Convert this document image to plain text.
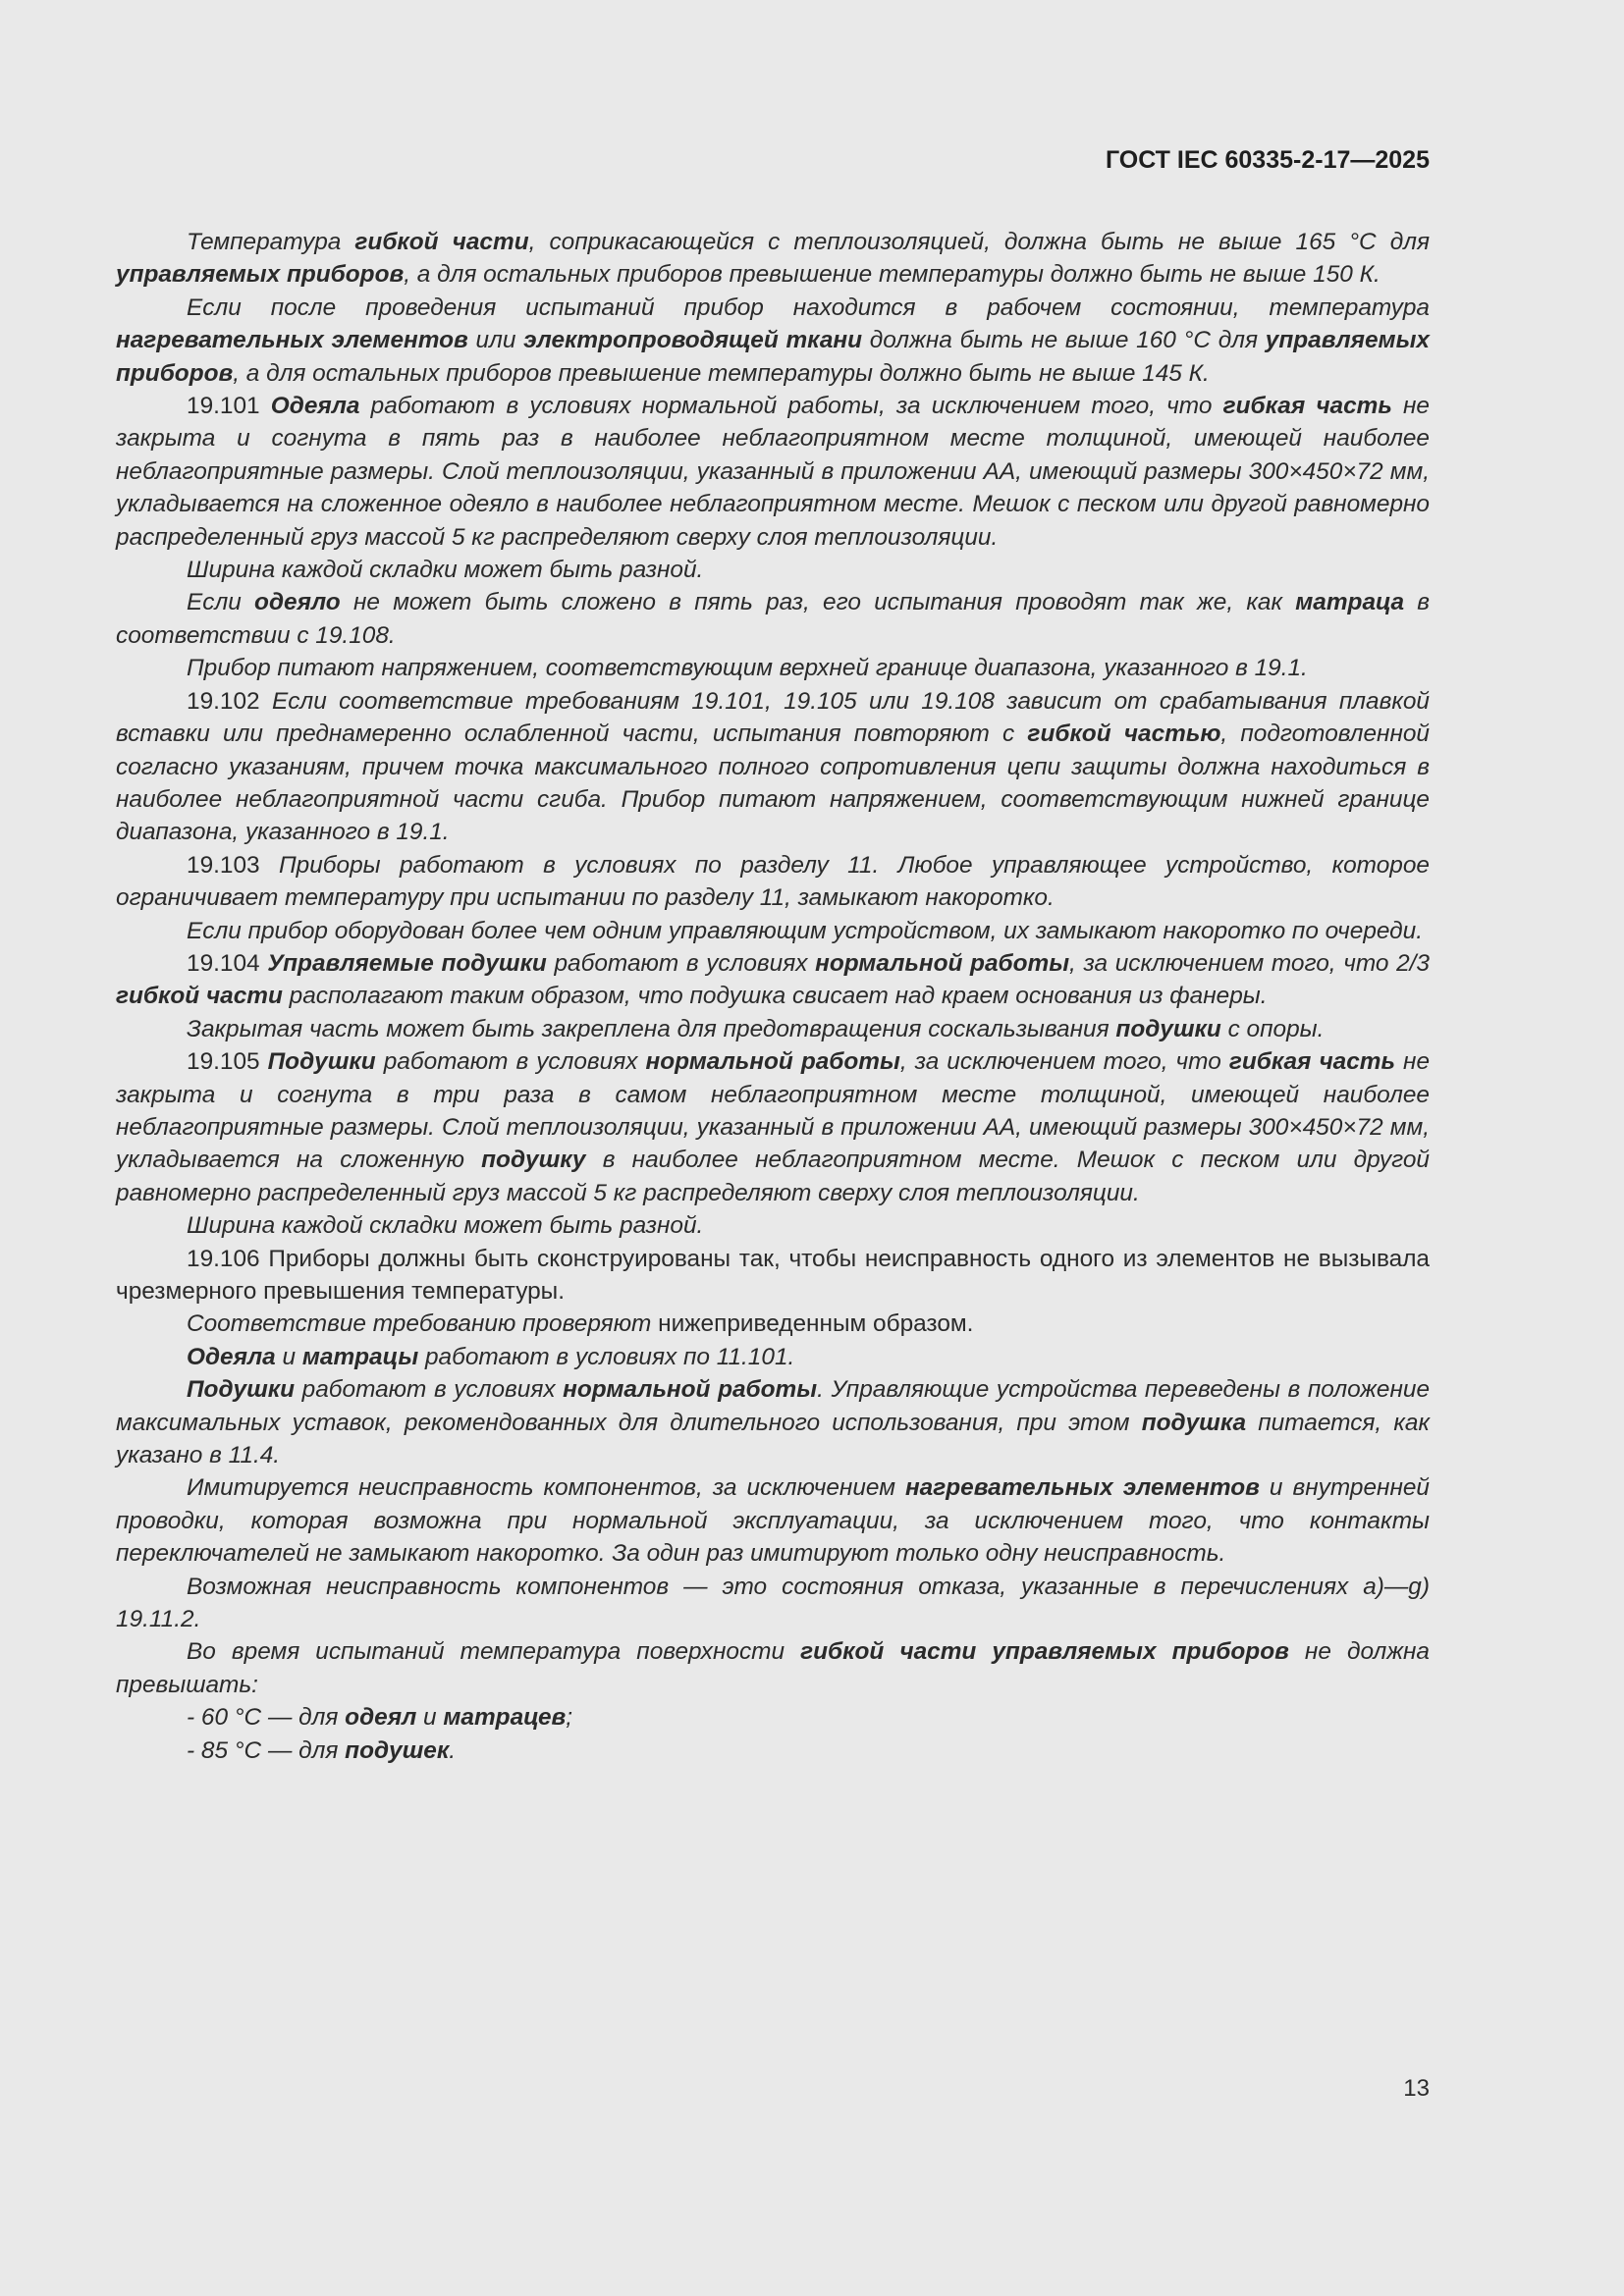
ГОСТ IEC 60335-2-17—2025

Температура гибкой части, соприкасающейся с теплоизоляцией, должна быть не выше 165 °С для управляемых приборов, а для остальных приборов превышение температуры должно быть не выше 150 К.

Если после проведения испытаний прибор находится в рабочем состоянии, температура нагревательных элементов или электропроводящей ткани должна быть не выше 160 °С для управляемых приборов, а для остальных приборов превышение температуры должно быть не выше 145 К.

19.101 Одеяла работают в условиях нормальной работы, за исключением того, что гибкая часть не закрыта и согнута в пять раз в наиболее неблагоприятном месте толщиной, имеющей наиболее неблагоприятные размеры. Слой теплоизоляции, указанный в приложении АА, имеющий размеры 300×450×72 мм, укладывается на сложенное одеяло в наиболее неблагоприятном месте. Мешок с песком или другой равномерно распределенный груз массой 5 кг распределяют сверху слоя теплоизоляции.

Ширина каждой складки может быть разной.

Если одеяло не может быть сложено в пять раз, его испытания проводят так же, как матраца в соответствии с 19.108.

Прибор питают напряжением, соответствующим верхней границе диапазона, указанного в 19.1.

19.102 Если соответствие требованиям 19.101, 19.105 или 19.108 зависит от срабатывания плавкой вставки или преднамеренно ослабленной части, испытания повторяют с гибкой частью, подготовленной согласно указаниям, причем точка максимального полного сопротивления цепи защиты должна находиться в наиболее неблагоприятной части сгиба. Прибор питают напряжением, соответствующим нижней границе диапазона, указанного в 19.1.

19.103 Приборы работают в условиях по разделу 11. Любое управляющее устройство, которое ограничивает температуру при испытании по разделу 11, замыкают накоротко.

Если прибор оборудован более чем одним управляющим устройством, их замыкают накоротко по очереди.

19.104 Управляемые подушки работают в условиях нормальной работы, за исключением того, что 2/3 гибкой части располагают таким образом, что подушка свисает над краем основания из фанеры.

Закрытая часть может быть закреплена для предотвращения соскальзывания подушки с опоры.

19.105 Подушки работают в условиях нормальной работы, за исключением того, что гибкая часть не закрыта и согнута в три раза в самом неблагоприятном месте толщиной, имеющей наиболее неблагоприятные размеры. Слой теплоизоляции, указанный в приложении АА, имеющий размеры 300×450×72 мм, укладывается на сложенную подушку в наиболее неблагоприятном месте. Мешок с песком или другой равномерно распределенный груз массой 5 кг распределяют сверху слоя теплоизоляции.

Ширина каждой складки может быть разной.

19.106 Приборы должны быть сконструированы так, чтобы неисправность одного из элементов не вызывала чрезмерного превышения температуры.

Соответствие требованию проверяют нижеприведенным образом.

Одеяла и матрацы работают в условиях по 11.101.

Подушки работают в условиях нормальной работы. Управляющие устройства переведены в положение максимальных уставок, рекомендованных для длительного использования, при этом подушка питается, как указано в 11.4.

Имитируется неисправность компонентов, за исключением нагревательных элементов и внутренней проводки, которая возможна при нормальной эксплуатации, за исключением того, что контакты переключателей не замыкают накоротко. За один раз имитируют только одну неисправность.

Возможная неисправность компонентов — это состояния отказа, указанные в перечислениях а)—g) 19.11.2.

Во время испытаний температура поверхности гибкой части управляемых приборов не должна превышать:

- 60 °С — для одеял и матрацев;

- 85 °С — для подушек.

13
